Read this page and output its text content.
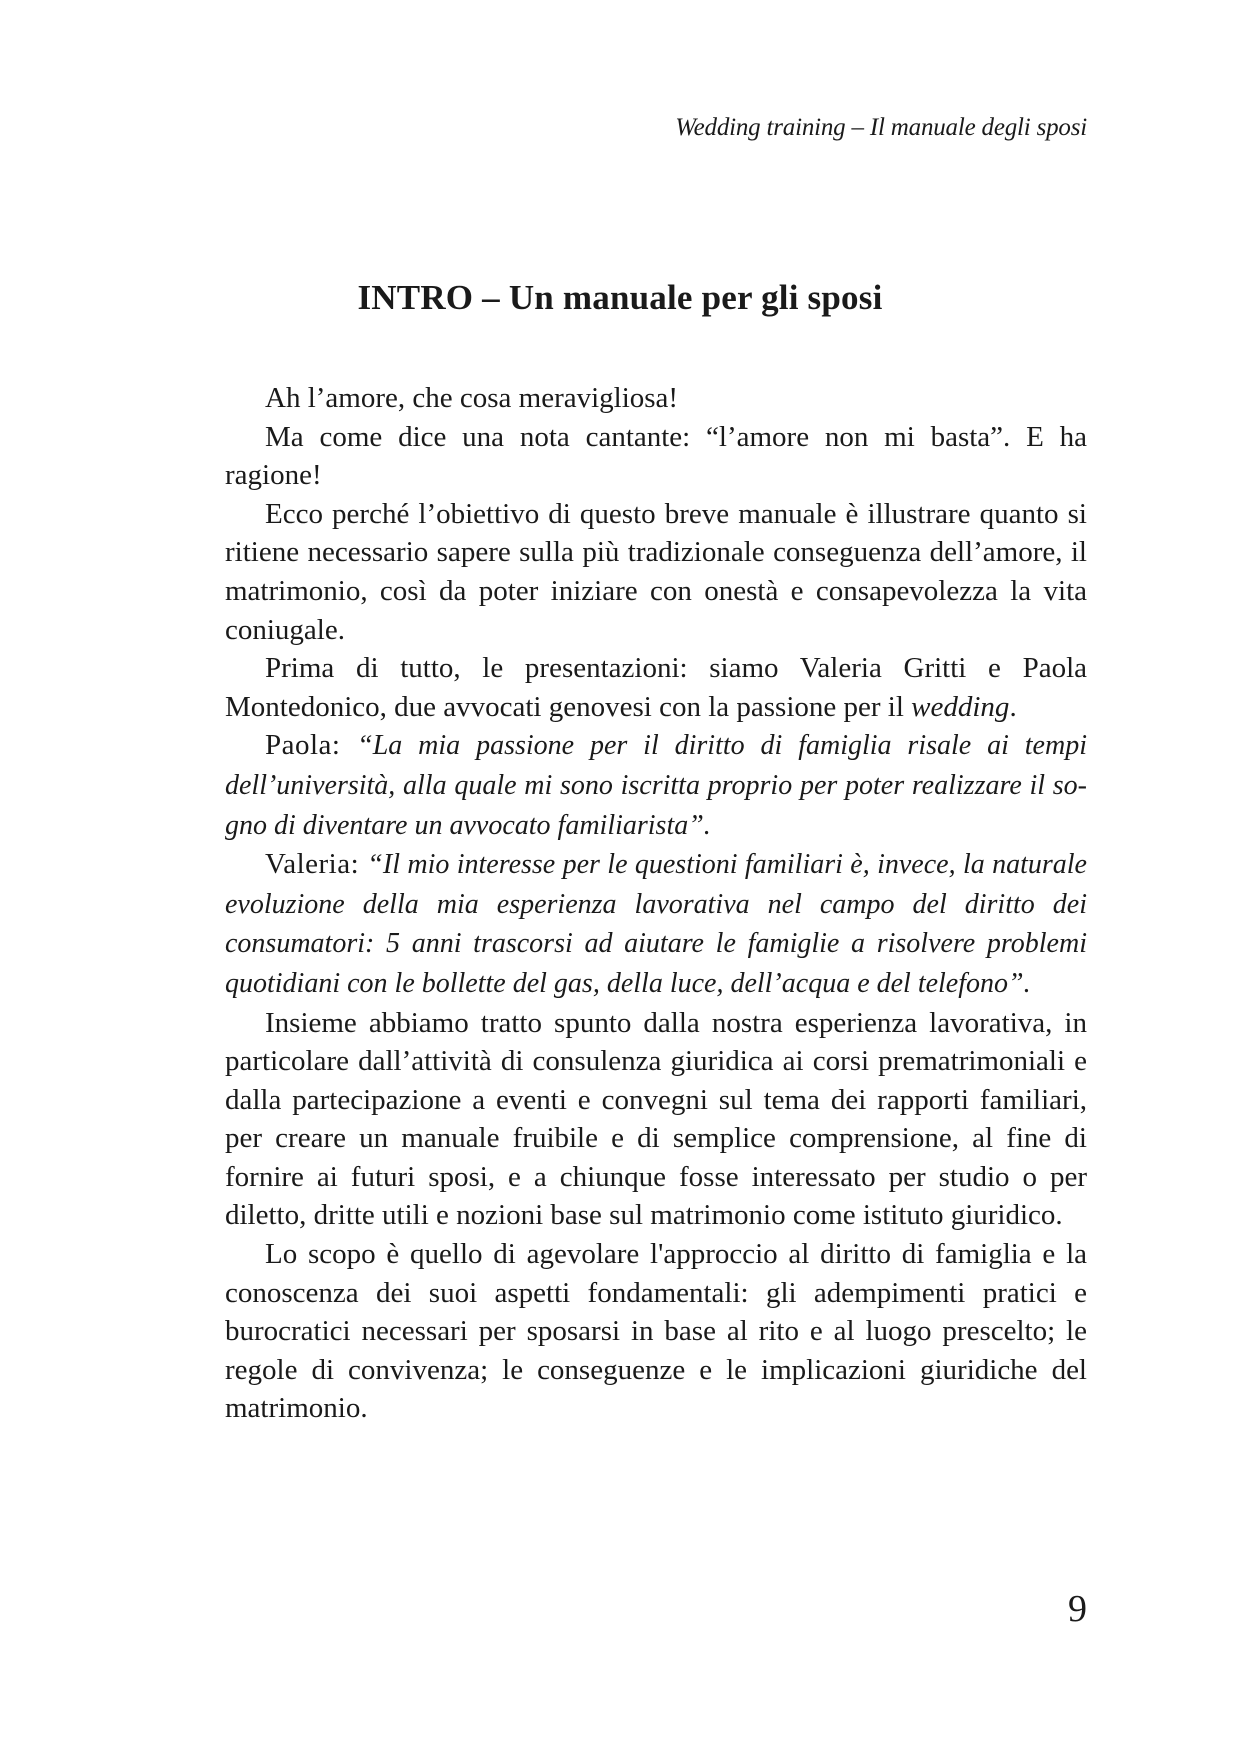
Wedding training – Il manuale degli sposi
INTRO – Un manuale per gli sposi

Ah l’amore, che cosa meravigliosa!

Ma come dice una nota cantante: “l’amore non mi basta”. E ha ragione!

Ecco perché l’obiettivo di questo breve manuale è illustrare quanto si ritiene necessario sapere sulla più tradizionale conseguenza dell’amore, il matrimonio, così da poter iniziare con onestà e consapevolezza la vita coniugale.

Prima di tutto, le presentazioni: siamo Valeria Gritti e Paola Montedonico, due avvocati genovesi con la passione per il wedding.

Paola: “La mia passione per il diritto di famiglia risale ai tempi dell’università, alla quale mi sono iscritta proprio per poter realizzare il sogno di diventare un avvocato familiarista”.

Valeria: “Il mio interesse per le questioni familiari è, invece, la naturale evoluzione della mia esperienza lavorativa nel campo del diritto dei consumatori: 5 anni trascorsi ad aiutare le famiglie a risolvere problemi quotidiani con le bollette del gas, della luce, dell’acqua e del telefono”.

Insieme abbiamo tratto spunto dalla nostra esperienza lavorativa, in particolare dall’attività di consulenza giuridica ai corsi prematrimoniali e dalla partecipazione a eventi e convegni sul tema dei rapporti familiari, per creare un manuale fruibile e di semplice comprensione, al fine di fornire ai futuri sposi, e a chiunque fosse interessato per studio o per diletto, dritte utili e nozioni base sul matrimonio come istituto giuridico.

Lo scopo è quello di agevolare l'approccio al diritto di famiglia e la conoscenza dei suoi aspetti fondamentali: gli adempimenti pratici e burocratici necessari per sposarsi in base al rito e al luogo prescelto; le regole di convivenza; le conseguenze e le implicazioni giuridiche del matrimonio.

9
